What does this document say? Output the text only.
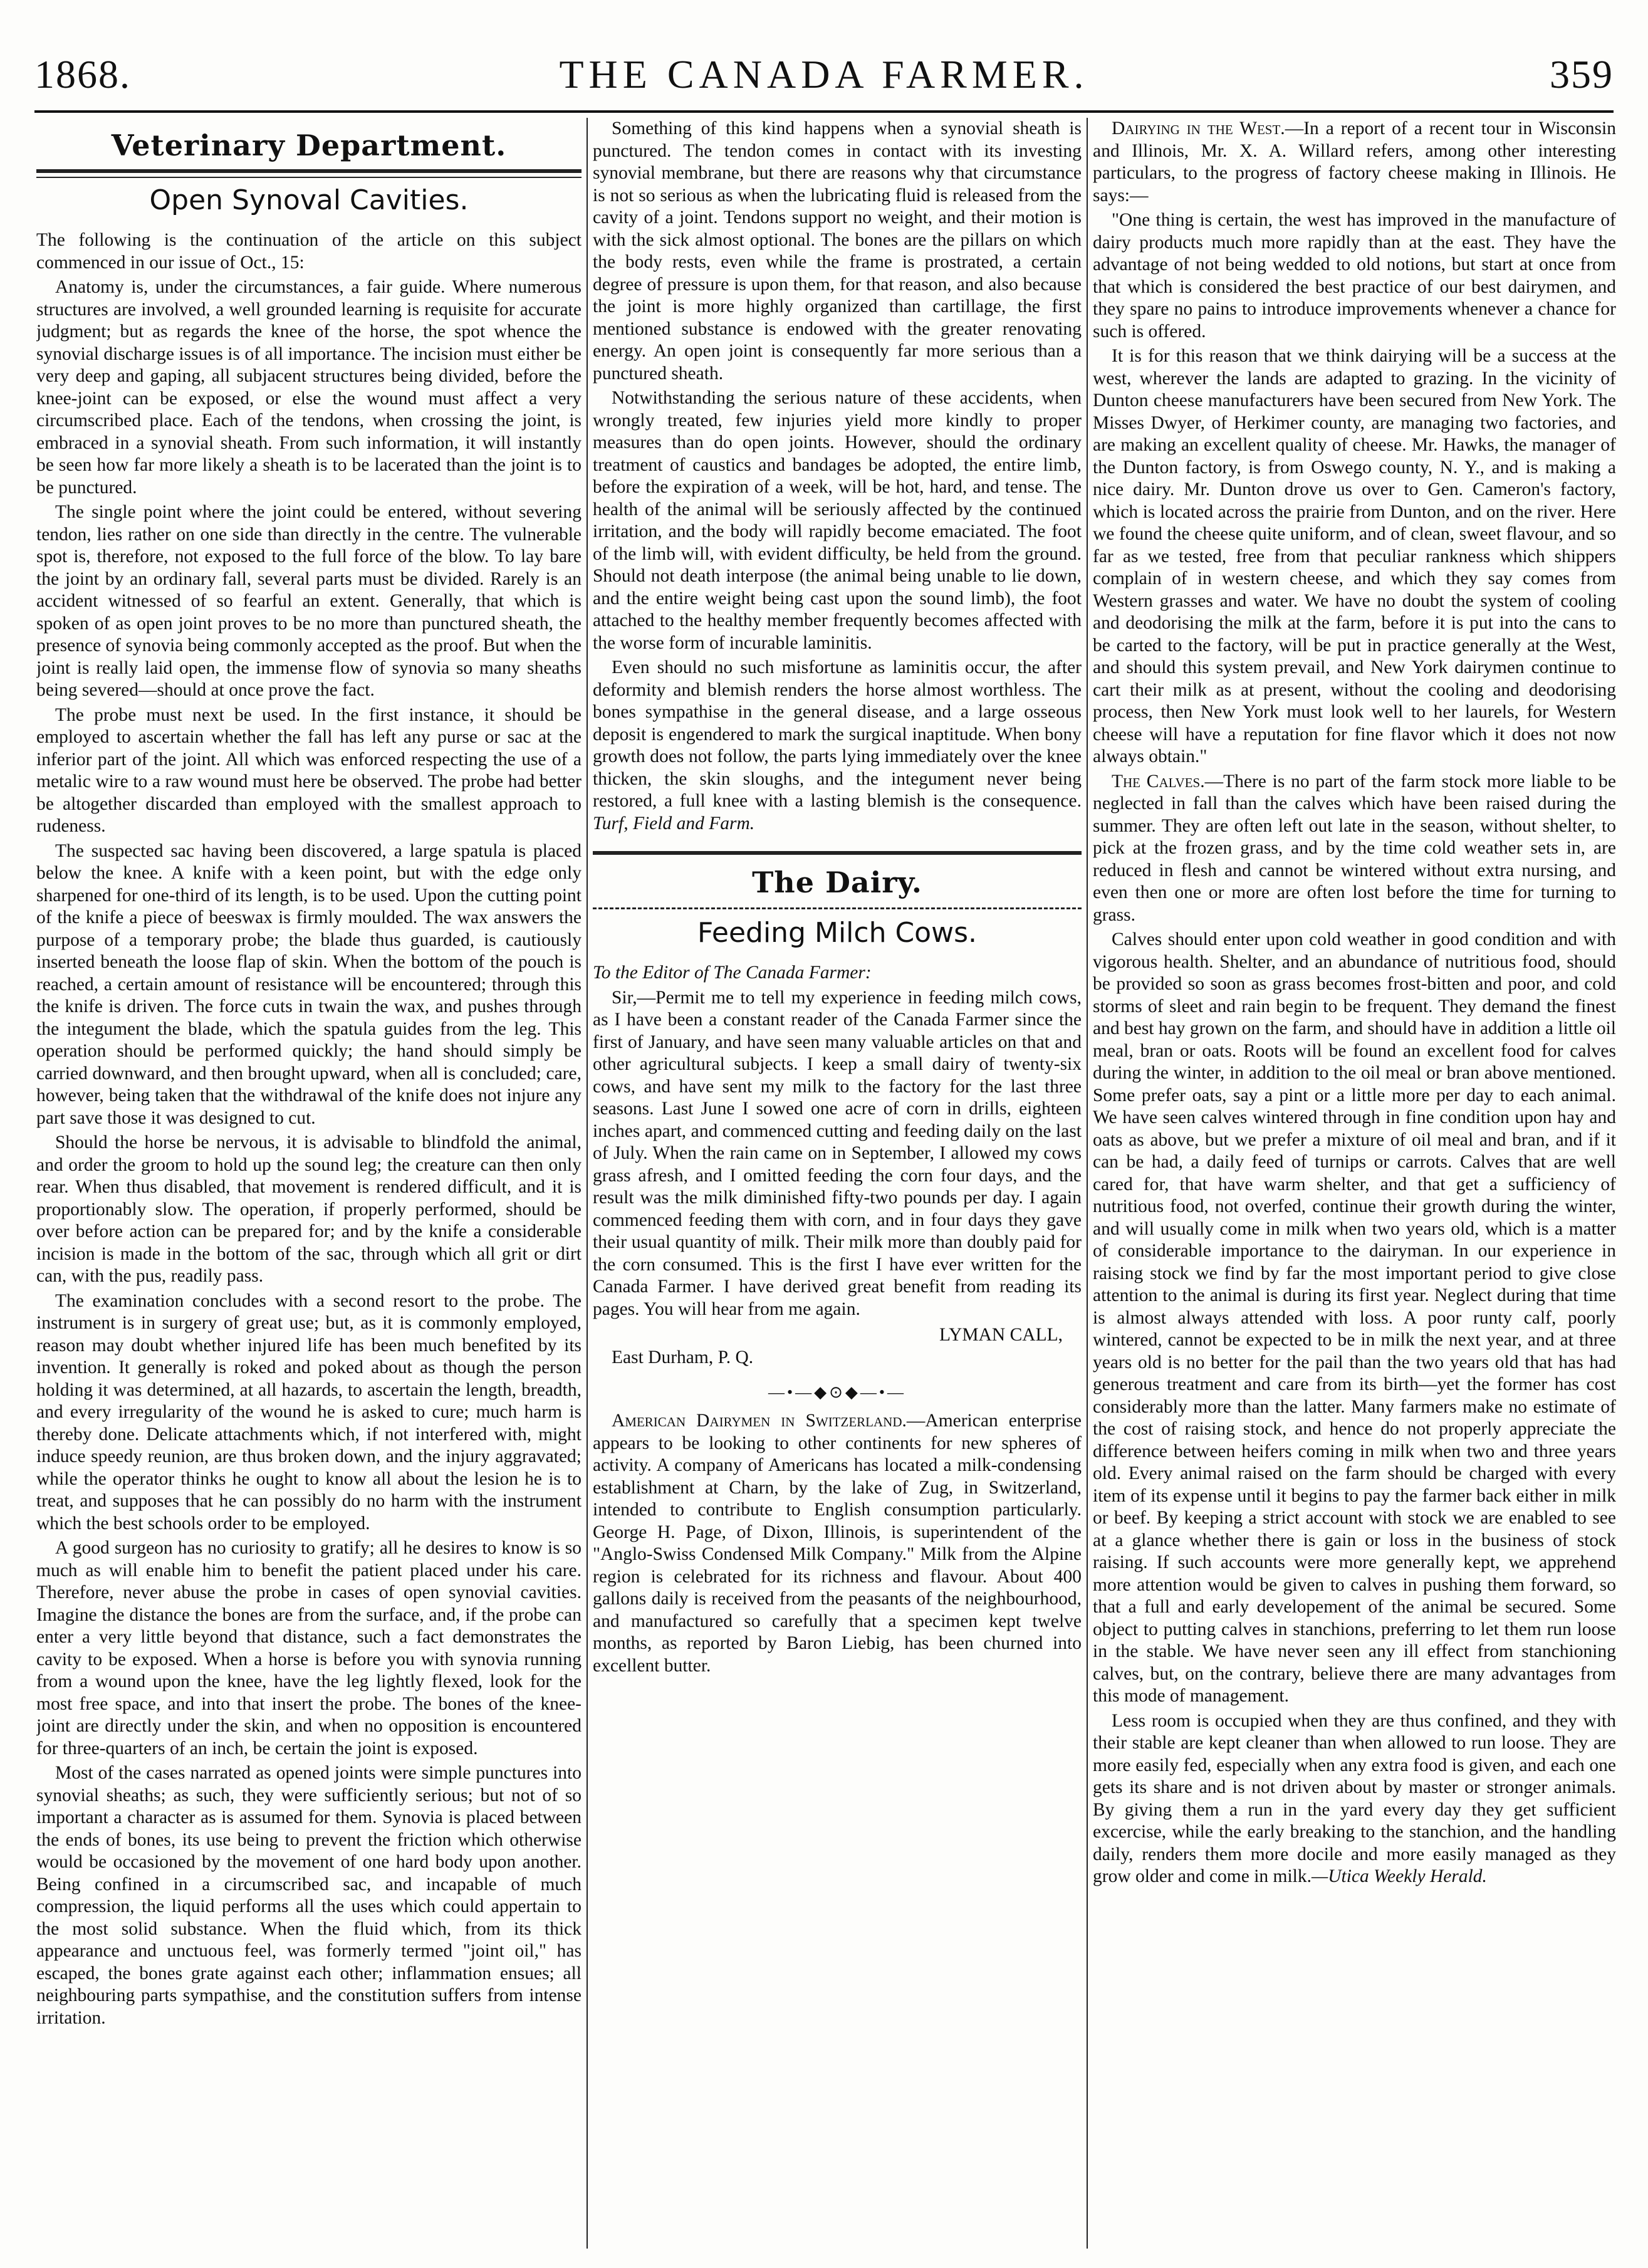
1868.	THE CANADA FARMER.	359
Veterinary Department.
Open Synoval Cavities.

The following is the continuation of the article on this subject commenced in our issue of Oct., 15:

Anatomy is, under the circumstances, a fair guide. Where numerous structures are involved, a well grounded learning is requisite for accurate judgment; but as regards the knee of the horse, the spot whence the synovial discharge issues is of all importance. The incision must either be very deep and gaping, all subjacent structures being divided, before the knee-joint can be exposed, or else the wound must affect a very circumscribed place. Each of the tendons, when crossing the joint, is embraced in a synovial sheath. From such information, it will instantly be seen how far more likely a sheath is to be lacerated than the joint is to be punctured.

The single point where the joint could be entered, without severing tendon, lies rather on one side than directly in the centre. The vulnerable spot is, therefore, not exposed to the full force of the blow. To lay bare the joint by an ordinary fall, several parts must be divided. Rarely is an accident witnessed of so fearful an extent. Generally, that which is spoken of as open joint proves to be no more than punctured sheath, the presence of synovia being commonly accepted as the proof. But when the joint is really laid open, the immense flow of synovia so many sheaths being severed—should at once prove the fact.

The probe must next be used. In the first instance, it should be employed to ascertain whether the fall has left any purse or sac at the inferior part of the joint. All which was enforced respecting the use of a metalic wire to a raw wound must here be observed. The probe had better be altogether discarded than employed with the smallest approach to rudeness.

The suspected sac having been discovered, a large spatula is placed below the knee. A knife with a keen point, but with the edge only sharpened for one-third of its length, is to be used. Upon the cutting point of the knife a piece of beeswax is firmly moulded. The wax answers the purpose of a temporary probe; the blade thus guarded, is cautiously inserted beneath the loose flap of skin. When the bottom of the pouch is reached, a certain amount of resistance will be encountered; through this the knife is driven. The force cuts in twain the wax, and pushes through the integument the blade, which the spatula guides from the leg. This operation should be performed quickly; the hand should simply be carried downward, and then brought upward, when all is concluded; care, however, being taken that the withdrawal of the knife does not injure any part save those it was designed to cut.

Should the horse be nervous, it is advisable to blindfold the animal, and order the groom to hold up the sound leg; the creature can then only rear. When thus disabled, that movement is rendered difficult, and it is proportionably slow. The operation, if properly performed, should be over before action can be prepared for; and by the knife a considerable incision is made in the bottom of the sac, through which all grit or dirt can, with the pus, readily pass.

The examination concludes with a second resort to the probe. The instrument is in surgery of great use; but, as it is commonly employed, reason may doubt whether injured life has been much benefited by its invention. It generally is roked and poked about as though the person holding it was determined, at all hazards, to ascertain the length, breadth, and every irregularity of the wound he is asked to cure; much harm is thereby done. Delicate attachments which, if not interfered with, might induce speedy reunion, are thus broken down, and the injury aggravated; while the operator thinks he ought to know all about the lesion he is to treat, and supposes that he can possibly do no harm with the instrument which the best schools order to be employed.

A good surgeon has no curiosity to gratify; all he desires to know is so much as will enable him to benefit the patient placed under his care. Therefore, never abuse the probe in cases of open synovial cavities. Imagine the distance the bones are from the surface, and, if the probe can enter a very little beyond that distance, such a fact demonstrates the cavity to be exposed. When a horse is before you with synovia running from a wound upon the knee, have the leg lightly flexed, look for the most free space, and into that insert the probe. The bones of the knee-joint are directly under the skin, and when no opposition is encountered for three-quarters of an inch, be certain the joint is exposed.

Most of the cases narrated as opened joints were simple punctures into synovial sheaths; as such, they were sufficiently serious; but not of so important a character as is assumed for them. Synovia is placed between the ends of bones, its use being to prevent the friction which otherwise would be occasioned by the movement of one hard body upon another. Being confined in a circumscribed sac, and incapable of much compression, the liquid performs all the uses which could appertain to the most solid substance. When the fluid which, from its thick appearance and unctuous feel, was formerly termed "joint oil," has escaped, the bones grate against each other; inflammation ensues; all neighbouring parts sympathise, and the constitution suffers from intense irritation.

Something of this kind happens when a synovial sheath is punctured. The tendon comes in contact with its investing synovial membrane, but there are reasons why that circumstance is not so serious as when the lubricating fluid is released from the cavity of a joint. Tendons support no weight, and their motion is with the sick almost optional. The bones are the pillars on which the body rests, even while the frame is prostrated, a certain degree of pressure is upon them, for that reason, and also because the joint is more highly organized than cartillage, the first mentioned substance is endowed with the greater renovating energy. An open joint is consequently far more serious than a punctured sheath.

Notwithstanding the serious nature of these accidents, when wrongly treated, few injuries yield more kindly to proper measures than do open joints. However, should the ordinary treatment of caustics and bandages be adopted, the entire limb, before the expiration of a week, will be hot, hard, and tense. The health of the animal will be seriously affected by the continued irritation, and the body will rapidly become emaciated. The foot of the limb will, with evident difficulty, be held from the ground. Should not death interpose (the animal being unable to lie down, and the entire weight being cast upon the sound limb), the foot attached to the healthy member frequently becomes affected with the worse form of incurable laminitis.

Even should no such misfortune as laminitis occur, the after deformity and blemish renders the horse almost worthless. The bones sympathise in the general disease, and a large osseous deposit is engendered to mark the surgical inaptitude. When bony growth does not follow, the parts lying immediately over the knee thicken, the skin sloughs, and the integument never being restored, a full knee with a lasting blemish is the consequence. Turf, Field and Farm.

The Dairy.
Feeding Milch Cows.

To the Editor of The Canada Farmer:

Sir,—Permit me to tell my experience in feeding milch cows, as I have been a constant reader of the Canada Farmer since the first of January, and have seen many valuable articles on that and other agricultural subjects. I keep a small dairy of twenty-six cows, and have sent my milk to the factory for the last three seasons. Last June I sowed one acre of corn in drills, eighteen inches apart, and commenced cutting and feeding daily on the last of July. When the rain came on in September, I allowed my cows grass afresh, and I omitted feeding the corn four days, and the result was the milk diminished fifty-two pounds per day. I again commenced feeding them with corn, and in four days they gave their usual quantity of milk. Their milk more than doubly paid for the corn consumed. This is the first I have ever written for the Canada Farmer. I have derived great benefit from reading its pages. You will hear from me again.

LYMAN CALL,

East Durham, P. Q.

—•—◆⊙◆—•—

American Dairymen in Switzerland.—American enterprise appears to be looking to other continents for new spheres of activity. A company of Americans has located a milk-condensing establishment at Charn, by the lake of Zug, in Switzerland, intended to contribute to English consumption particularly. George H. Page, of Dixon, Illinois, is superintendent of the "Anglo-Swiss Condensed Milk Company." Milk from the Alpine region is celebrated for its richness and flavour. About 400 gallons daily is received from the peasants of the neighbourhood, and manufactured so carefully that a specimen kept twelve months, as reported by Baron Liebig, has been churned into excellent butter.

Dairying in the West.—In a report of a recent tour in Wisconsin and Illinois, Mr. X. A. Willard refers, among other interesting particulars, to the progress of factory cheese making in Illinois. He says:—

"One thing is certain, the west has improved in the manufacture of dairy products much more rapidly than at the east. They have the advantage of not being wedded to old notions, but start at once from that which is considered the best practice of our best dairymen, and they spare no pains to introduce improvements whenever a chance for such is offered.

It is for this reason that we think dairying will be a success at the west, wherever the lands are adapted to grazing. In the vicinity of Dunton cheese manufacturers have been secured from New York. The Misses Dwyer, of Herkimer county, are managing two factories, and are making an excellent quality of cheese. Mr. Hawks, the manager of the Dunton factory, is from Oswego county, N. Y., and is making a nice dairy. Mr. Dunton drove us over to Gen. Cameron's factory, which is located across the prairie from Dunton, and on the river. Here we found the cheese quite uniform, and of clean, sweet flavour, and so far as we tested, free from that peculiar rankness which shippers complain of in western cheese, and which they say comes from Western grasses and water. We have no doubt the system of cooling and deodorising the milk at the farm, before it is put into the cans to be carted to the factory, will be put in practice generally at the West, and should this system prevail, and New York dairymen continue to cart their milk as at present, without the cooling and deodorising process, then New York must look well to her laurels, for Western cheese will have a reputation for fine flavor which it does not now always obtain."

The Calves.—There is no part of the farm stock more liable to be neglected in fall than the calves which have been raised during the summer. They are often left out late in the season, without shelter, to pick at the frozen grass, and by the time cold weather sets in, are reduced in flesh and cannot be wintered without extra nursing, and even then one or more are often lost before the time for turning to grass.

Calves should enter upon cold weather in good condition and with vigorous health. Shelter, and an abundance of nutritious food, should be provided so soon as grass becomes frost-bitten and poor, and cold storms of sleet and rain begin to be frequent. They demand the finest and best hay grown on the farm, and should have in addition a little oil meal, bran or oats. Roots will be found an excellent food for calves during the winter, in addition to the oil meal or bran above mentioned. Some prefer oats, say a pint or a little more per day to each animal. We have seen calves wintered through in fine condition upon hay and oats as above, but we prefer a mixture of oil meal and bran, and if it can be had, a daily feed of turnips or carrots. Calves that are well cared for, that have warm shelter, and that get a sufficiency of nutritious food, not overfed, continue their growth during the winter, and will usually come in milk when two years old, which is a matter of considerable importance to the dairyman. In our experience in raising stock we find by far the most important period to give close attention to the animal is during its first year. Neglect during that time is almost always attended with loss. A poor runty calf, poorly wintered, cannot be expected to be in milk the next year, and at three years old is no better for the pail than the two years old that has had generous treatment and care from its birth—yet the former has cost considerably more than the latter. Many farmers make no estimate of the cost of raising stock, and hence do not properly appreciate the difference between heifers coming in milk when two and three years old. Every animal raised on the farm should be charged with every item of its expense until it begins to pay the farmer back either in milk or beef. By keeping a strict account with stock we are enabled to see at a glance whether there is gain or loss in the business of stock raising. If such accounts were more generally kept, we apprehend more attention would be given to calves in pushing them forward, so that a full and early developement of the animal be secured. Some object to putting calves in stanchions, preferring to let them run loose in the stable. We have never seen any ill effect from stanchioning calves, but, on the contrary, believe there are many advantages from this mode of management.

Less room is occupied when they are thus confined, and they with their stable are kept cleaner than when allowed to run loose. They are more easily fed, especially when any extra food is given, and each one gets its share and is not driven about by master or stronger animals. By giving them a run in the yard every day they get sufficient excercise, while the early breaking to the stanchion, and the handling daily, renders them more docile and more easily managed as they grow older and come in milk.—Utica Weekly Herald.
